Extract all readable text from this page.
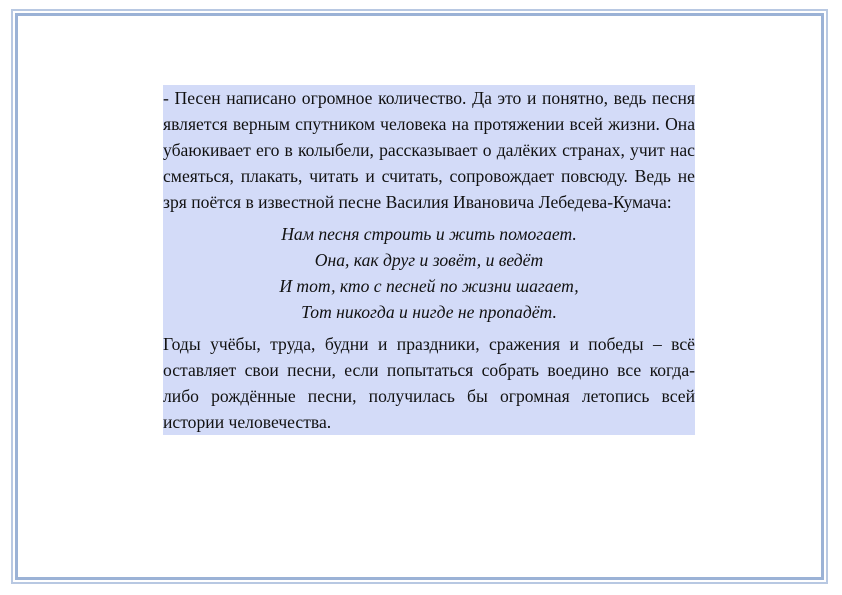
- Песен написано огромное количество. Да это и понятно, ведь песня является верным спутником человека на протяжении всей жизни. Она убаюкивает его в колыбели, рассказывает о далёких странах, учит нас смеяться, плакать, читать и считать, сопровождает повсюду. Ведь не зря поётся в известной песне Василия Ивановича Лебедева-Кумача:

Нам песня строить и жить помогает.
Она, как друг и зовёт, и ведёт
И тот, кто с песней по жизни шагает,
Тот никогда и нигде не пропадёт.

Годы учёбы, труда, будни и праздники, сражения и победы – всё оставляет свои песни, если попытаться собрать воедино все когда-либо рождённые песни, получилась бы огромная летопись всей истории человечества.
